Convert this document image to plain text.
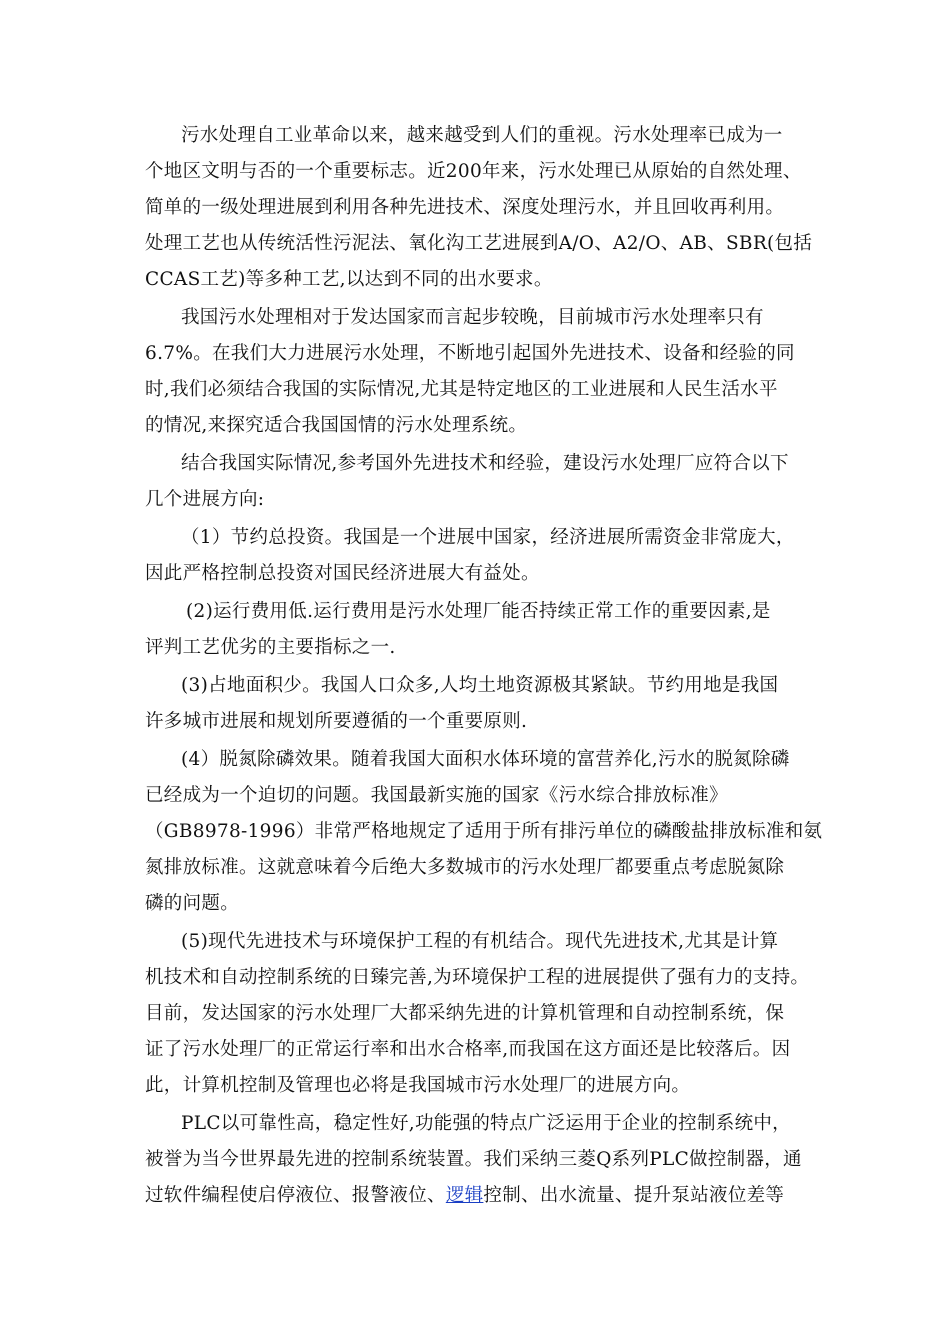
污水处理自工业革命以来，越来越受到人们的重视。污水处理率已成为一
个地区文明与否的一个重要标志。近200年来，污水处理已从原始的自然处理、
简单的一级处理进展到利用各种先进技术、深度处理污水，并且回收再利用。
处理工艺也从传统活性污泥法、氧化沟工艺进展到A/O、A2/O、AB、SBR(包括
CCAS工艺)等多种工艺,以达到不同的出水要求。
我国污水处理相对于发达国家而言起步较晚，目前城市污水处理率只有
6.7%。在我们大力进展污水处理，不断地引起国外先进技术、设备和经验的同
时,我们必须结合我国的实际情况,尤其是特定地区的工业进展和人民生活水平
的情况,来探究适合我国国情的污水处理系统。
结合我国实际情况,参考国外先进技术和经验，建设污水处理厂应符合以下
几个进展方向:
（1）节约总投资。我国是一个进展中国家，经济进展所需资金非常庞大，
因此严格控制总投资对国民经济进展大有益处。
(2)运行费用低.运行费用是污水处理厂能否持续正常工作的重要因素,是
评判工艺优劣的主要指标之一.
(3)占地面积少。我国人口众多,人均土地资源极其紧缺。节约用地是我国
许多城市进展和规划所要遵循的一个重要原则.
(4）脱氮除磷效果。随着我国大面积水体环境的富营养化,污水的脱氮除磷
已经成为一个迫切的问题。我国最新实施的国家《污水综合排放标准》
（GB8978-1996）非常严格地规定了适用于所有排污单位的磷酸盐排放标准和氨
氮排放标准。这就意味着今后绝大多数城市的污水处理厂都要重点考虑脱氮除
磷的问题。
(5)现代先进技术与环境保护工程的有机结合。现代先进技术,尤其是计算
机技术和自动控制系统的日臻完善,为环境保护工程的进展提供了强有力的支持。
目前，发达国家的污水处理厂大都采纳先进的计算机管理和自动控制系统，保
证了污水处理厂的正常运行率和出水合格率,而我国在这方面还是比较落后。因
此，计算机控制及管理也必将是我国城市污水处理厂的进展方向。
PLC以可靠性高，稳定性好,功能强的特点广泛运用于企业的控制系统中，
被誉为当今世界最先进的控制系统装置。我们采纳三菱Q系列PLC做控制器，通
过软件编程使启停液位、报警液位、逻辑控制、出水流量、提升泵站液位差等
